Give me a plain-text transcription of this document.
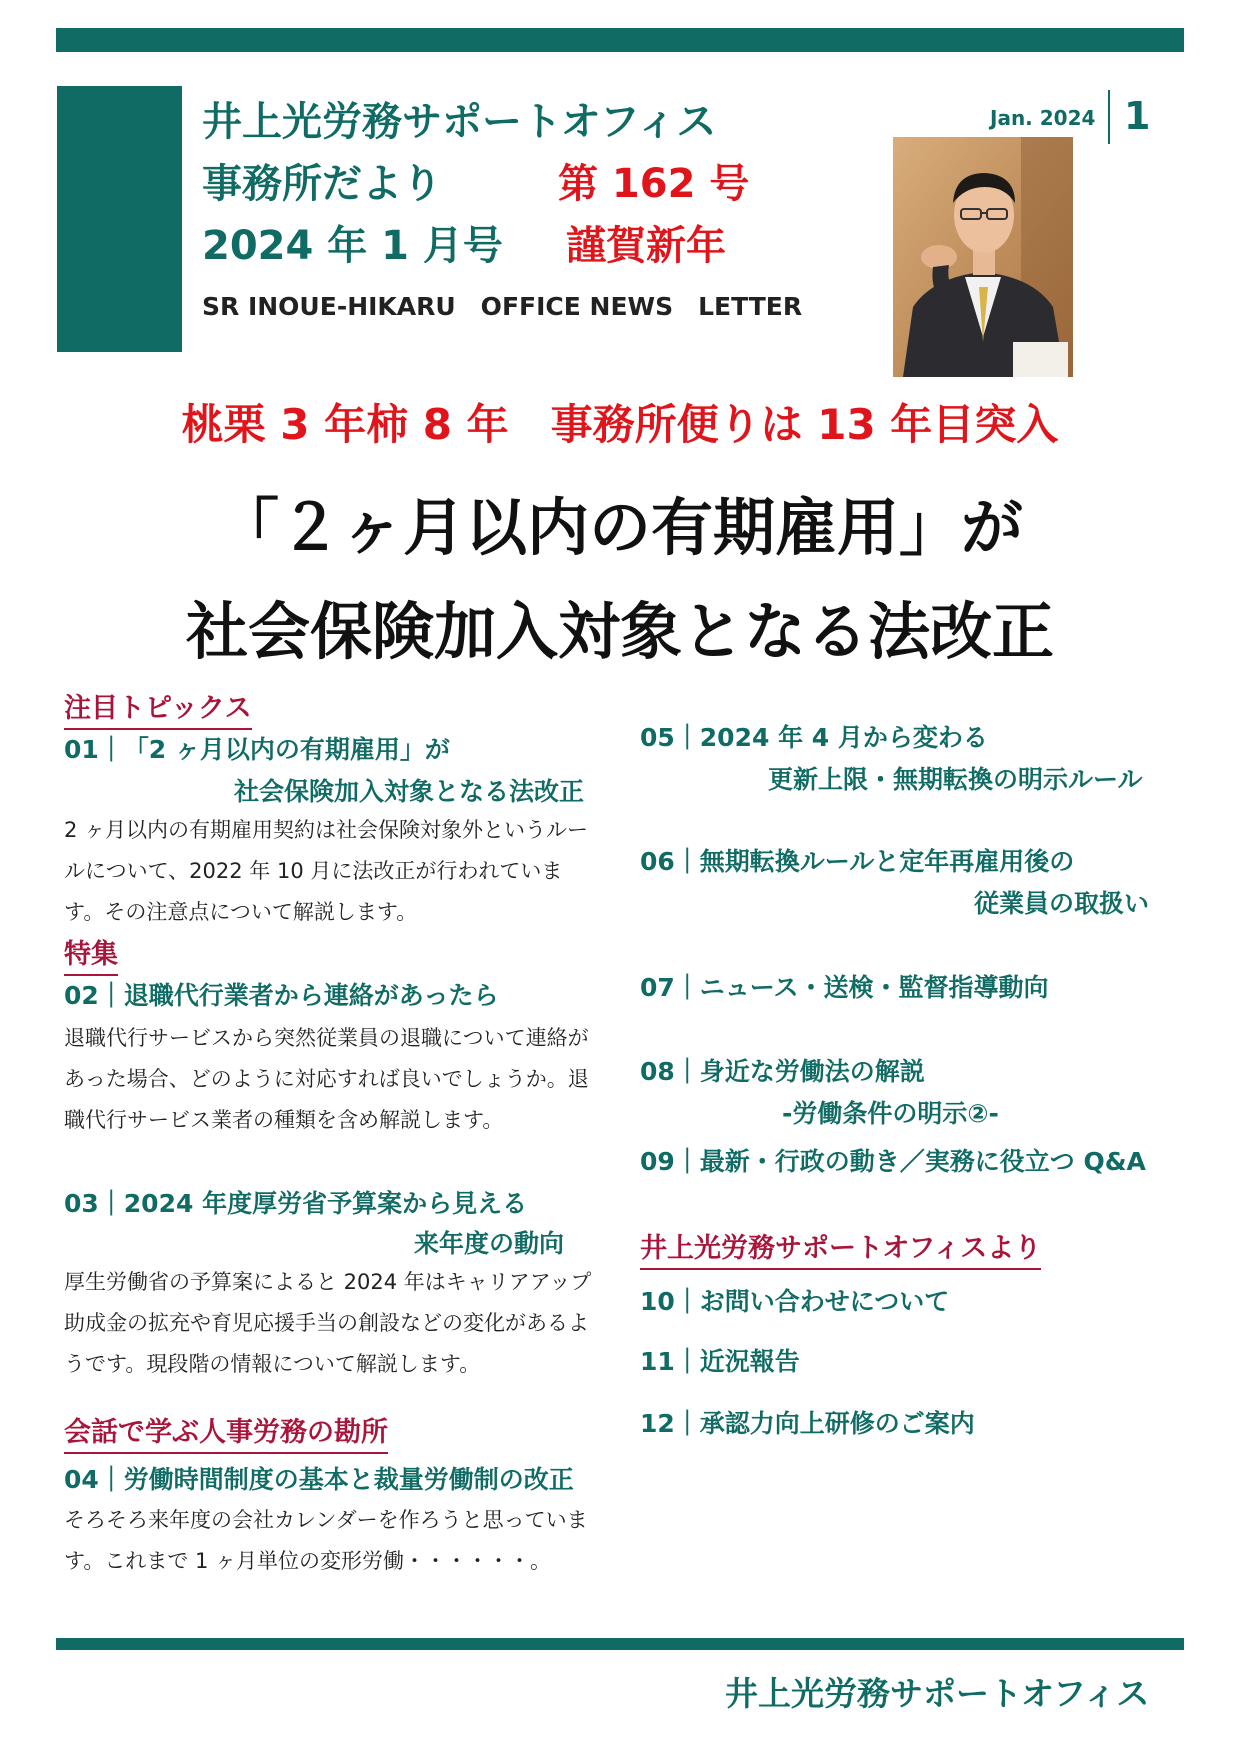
井上光労務サポートオフィス
事務所だより	第 162 号
2024 年 1 月号 謹賀新年
SR INOUE-HIKARU　OFFICE NEWS　LETTER
Jan. 2024 1
桃栗 3 年柿 8 年　事務所便りは 13 年目突入
「２ヶ月以内の有期雇用」が
社会保険加入対象となる法改正
注目トピックス
01｜「2 ヶ月以内の有期雇用」が
社会保険加入対象となる法改正
2 ヶ月以内の有期雇用契約は社会保険対象外というルールについて、2022 年 10 月に法改正が行われています。その注意点について解説します。
特集
02｜退職代行業者から連絡があったら
退職代行サービスから突然従業員の退職について連絡があった場合、どのように対応すれば良いでしょうか。退職代行サービス業者の種類を含め解説します。
03｜2024 年度厚労省予算案から見える
来年度の動向
厚生労働省の予算案によると 2024 年はキャリアアップ助成金の拡充や育児応援手当の創設などの変化があるようです。現段階の情報について解説します。
会話で学ぶ人事労務の勘所
04｜労働時間制度の基本と裁量労働制の改正
そろそろ来年度の会社カレンダーを作ろうと思っています。これまで 1 ヶ月単位の変形労働・・・・・・。
05｜2024 年 4 月から変わる
更新上限・無期転換の明示ルール
06｜無期転換ルールと定年再雇用後の
従業員の取扱い
07｜ニュース・送検・監督指導動向
08｜身近な労働法の解説
-労働条件の明示②-
09｜最新・行政の動き／実務に役立つ Q&A
井上光労務サポートオフィスより
10｜お問い合わせについて
11｜近況報告
12｜承認力向上研修のご案内
井上光労務サポートオフィス
